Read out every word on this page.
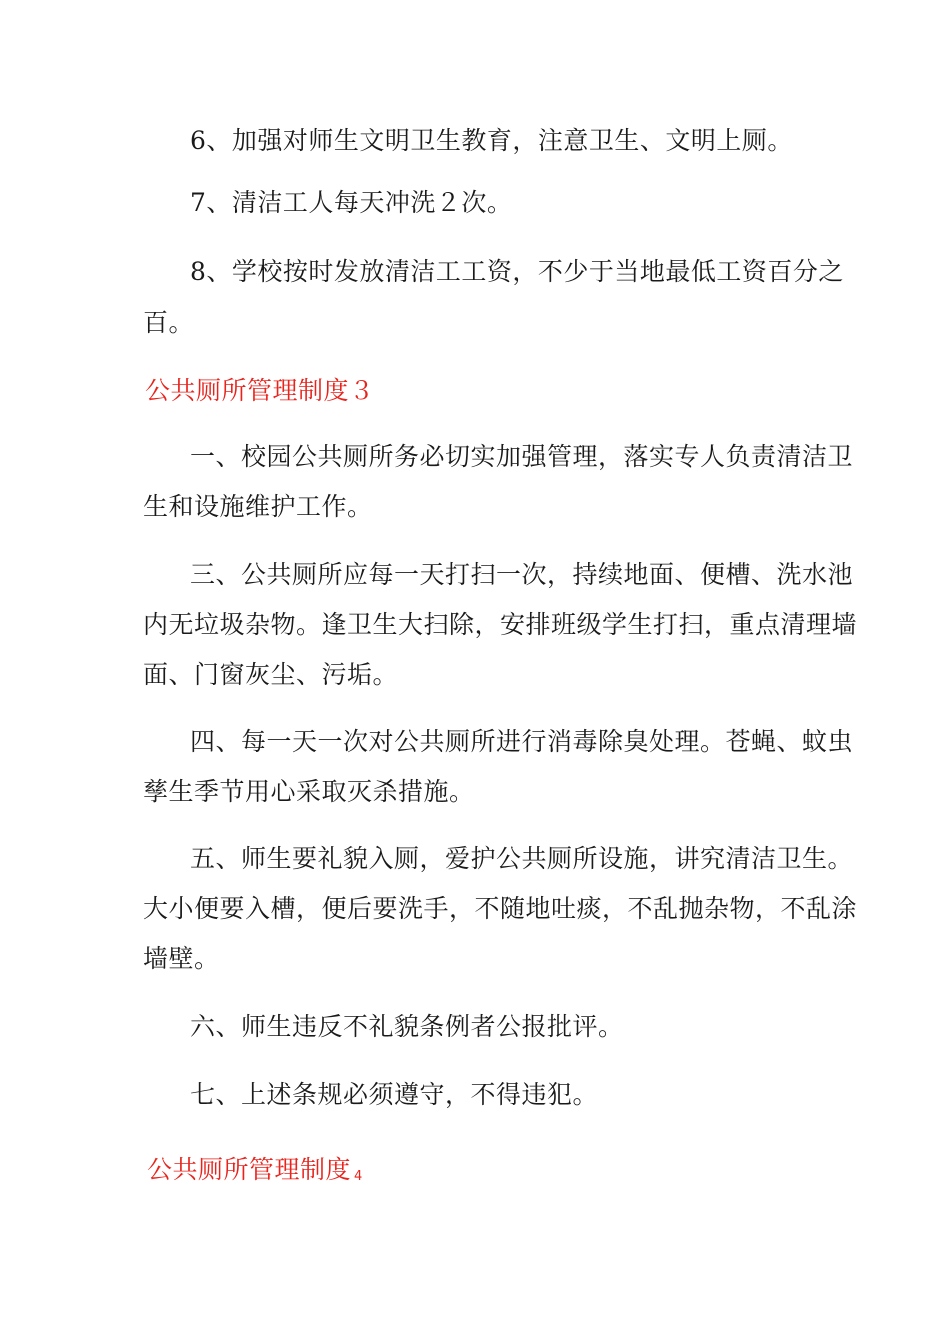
6、加强对师生文明卫生教育，注意卫生、文明上厕。
7、清洁工人每天冲洗２次。
8、学校按时发放清洁工工资，不少于当地最低工资百分之
百。
公共厕所管理制度３
一、校园公共厕所务必切实加强管理，落实专人负责清洁卫
生和设施维护工作。
三、公共厕所应每一天打扫一次，持续地面、便槽、洗水池
内无垃圾杂物。逢卫生大扫除，安排班级学生打扫，重点清理墙
面、门窗灰尘、污垢。
四、每一天一次对公共厕所进行消毒除臭处理。苍蝇、蚊虫
孳生季节用心采取灭杀措施。
五、师生要礼貌入厕，爱护公共厕所设施，讲究清洁卫生。
大小便要入槽，便后要洗手，不随地吐痰，不乱抛杂物，不乱涂
墙壁。
六、师生违反不礼貌条例者公报批评。
七、上述条规必须遵守，不得违犯。
公共厕所管理制度 4
